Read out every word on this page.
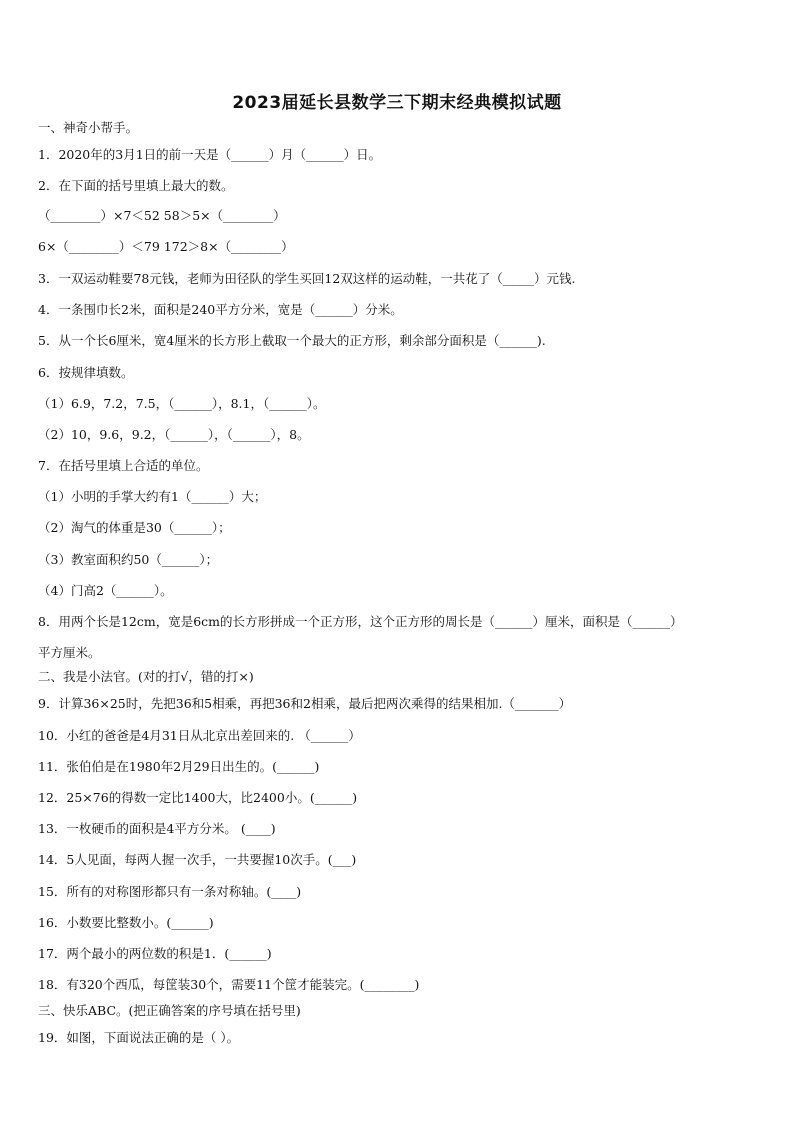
2023届延长县数学三下期末经典模拟试题
一、神奇小帮手。
1．2020年的3月1日的前一天是（______）月（______）日。
2．在下面的括号里填上最大的数。
（________）×7＜52 58＞5×（________）
6×（________）＜79 172＞8×（________）
3．一双运动鞋要78元钱，老师为田径队的学生买回12双这样的运动鞋，一共花了（_____）元钱.
4．一条围巾长2米，面积是240平方分米，宽是（______）分米。
5．从一个长6厘米，宽4厘米的长方形上截取一个最大的正方形，剩余部分面积是（______).
6．按规律填数。
（1）6.9，7.2，7.5，（______），8.1，（______）。
（2）10，9.6，9.2，（______），（______），8。
7．在括号里填上合适的单位。
（1）小明的手掌大约有1（______）大；
（2）淘气的体重是30（______）；
（3）教室面积约50（______）；
（4）门高2（______）。
8．用两个长是12cm，宽是6cm的长方形拼成一个正方形，这个正方形的周长是（______）厘米，面积是（______）
平方厘米。
二、我是小法官。(对的打√，错的打×)
9．计算36×25时，先把36和5相乘，再把36和2相乘，最后把两次乘得的结果相加.（_______）
10．小红的爸爸是4月31日从北京出差回来的. （______）
11．张伯伯是在1980年2月29日出生的。(______)
12．25×76的得数一定比1400大，比2400小。(______)
13．一枚硬币的面积是4平方分米。 (____)
14．5人见面，每两人握一次手，一共要握10次手。(___)
15．所有的对称图形都只有一条对称轴。(____)
16．小数要比整数小。(______)
17．两个最小的两位数的积是1．(______)
18．有320个西瓜，每筐装30个，需要11个筐才能装完。(________)
三、快乐ABC。(把正确答案的序号填在括号里)
19．如图，下面说法正确的是（ ）。
